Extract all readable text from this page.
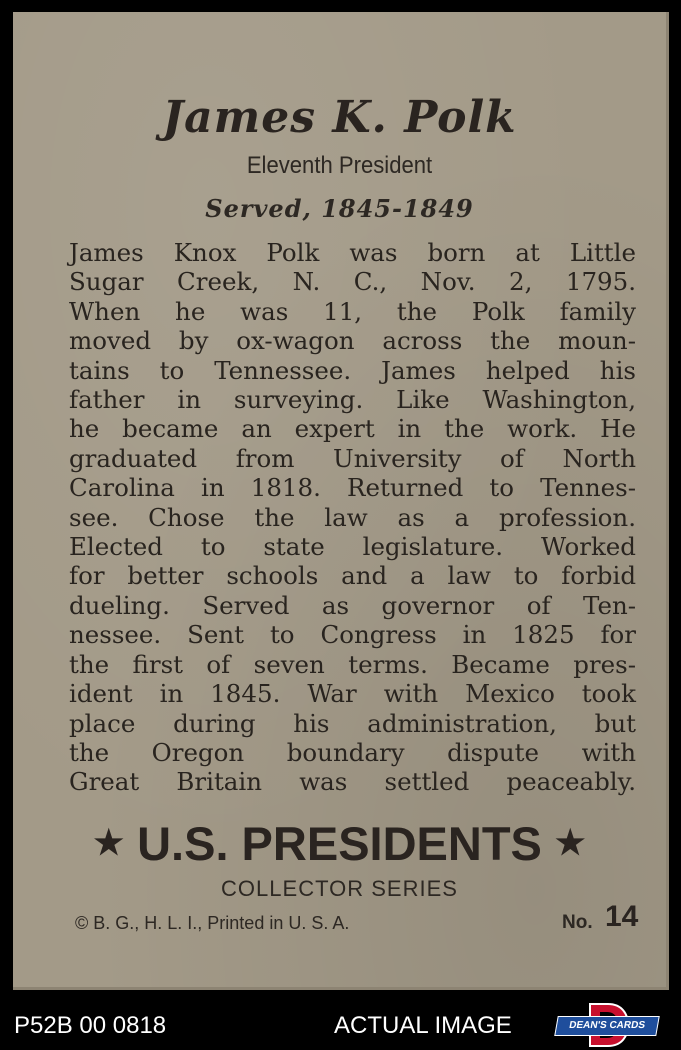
James K. Polk
Eleventh President
Served, 1845-1849
James Knox Polk was born at Little
Sugar Creek, N. C., Nov. 2, 1795.
When he was 11, the Polk family
moved by ox-wagon across the moun-
tains to Tennessee. James helped his
father in surveying. Like Washington,
he became an expert in the work. He
graduated from University of North
Carolina in 1818. Returned to Tennes-
see. Chose the law as a profession.
Elected to state legislature. Worked
for better schools and a law to forbid
dueling. Served as governor of Ten-
nessee. Sent to Congress in 1825 for
the first of seven terms. Became pres-
ident in 1845. War with Mexico took
place during his administration, but
the Oregon boundary dispute with
Great Britain was settled peaceably.
★ U.S. PRESIDENTS ★
COLLECTOR SERIES
© B. G., H. L. I., Printed in U. S. A.	No. 14
P52B 00 0818	ACTUAL IMAGE	DEAN'S CARDS
